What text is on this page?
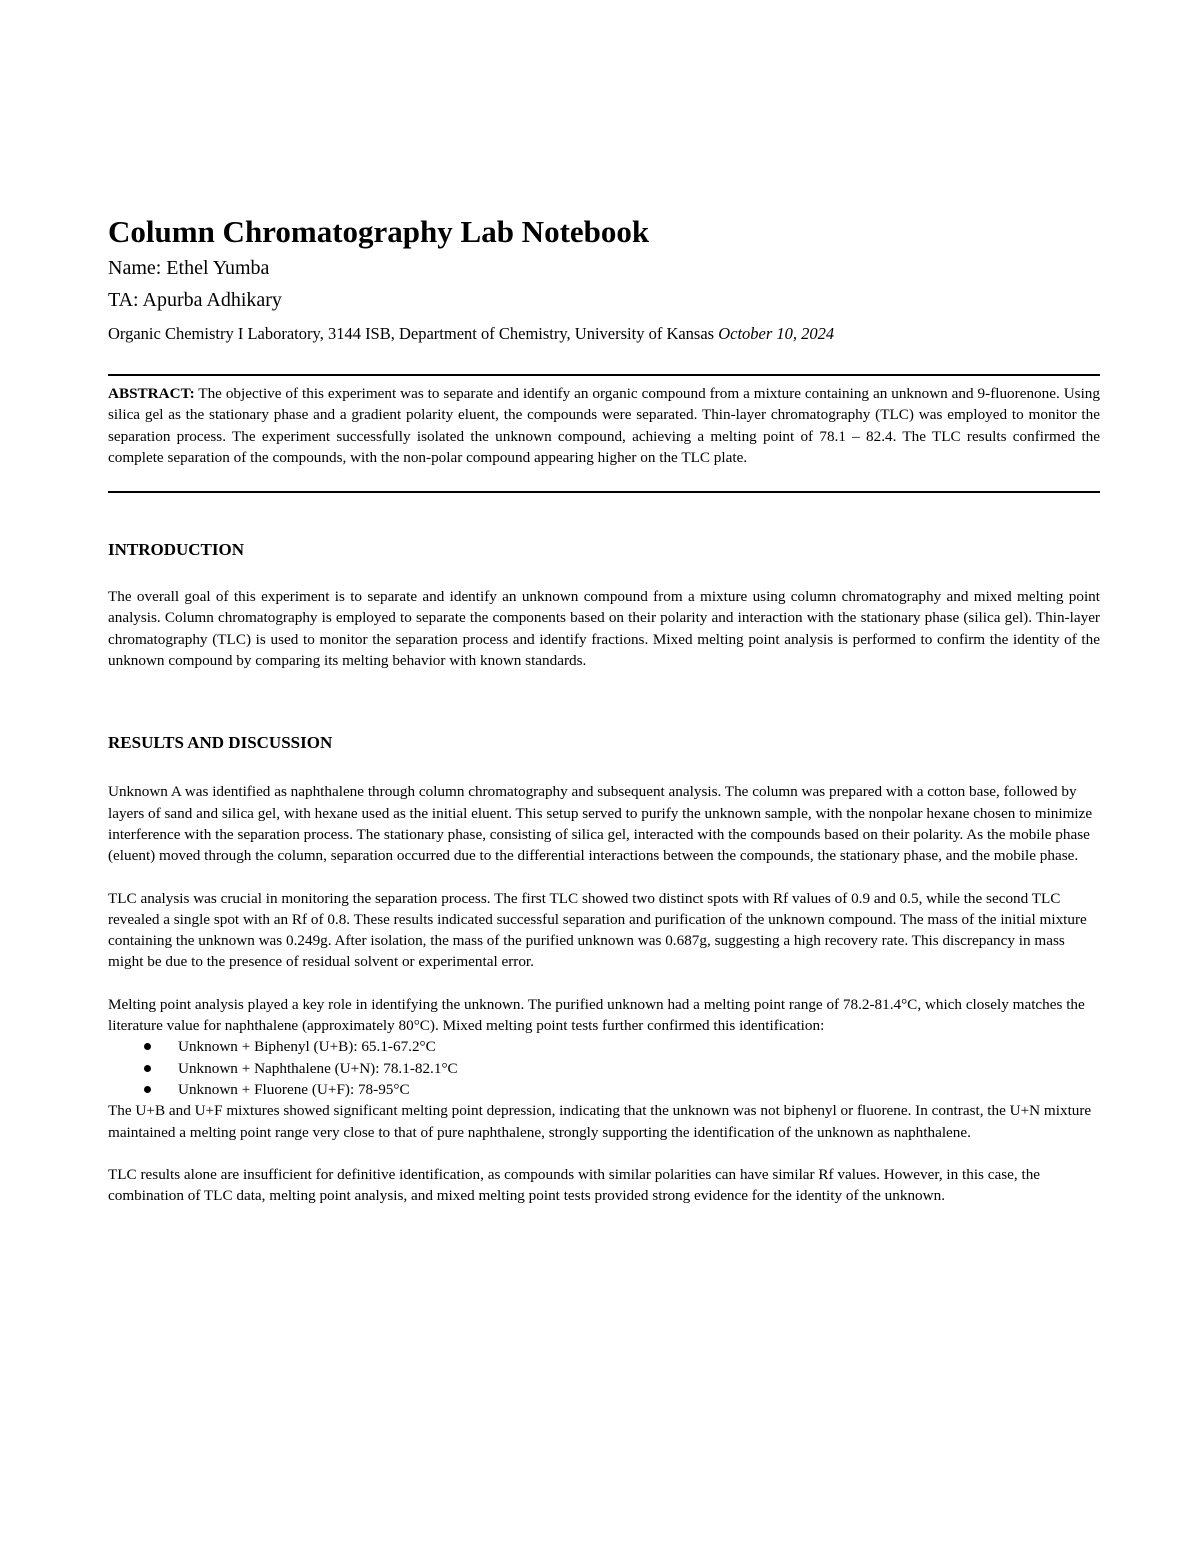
Column Chromatography Lab Notebook

Name: Ethel Yumba

TA: Apurba Adhikary

Organic Chemistry I Laboratory, 3144 ISB, Department of Chemistry, University of Kansas October 10, 2024

ABSTRACT: The objective of this experiment was to separate and identify an organic compound from a mixture containing an unknown and 9-fluorenone. Using silica gel as the stationary phase and a gradient polarity eluent, the compounds were separated. Thin-layer chromatography (TLC) was employed to monitor the separation process. The experiment successfully isolated the unknown compound, achieving a melting point of 78.1 – 82.4. The TLC results confirmed the complete separation of the compounds, with the non-polar compound appearing higher on the TLC plate.

INTRODUCTION

The overall goal of this experiment is to separate and identify an unknown compound from a mixture using column chromatography and mixed melting point analysis. Column chromatography is employed to separate the components based on their polarity and interaction with the stationary phase (silica gel). Thin-layer chromatography (TLC) is used to monitor the separation process and identify fractions. Mixed melting point analysis is performed to confirm the identity of the unknown compound by comparing its melting behavior with known standards.

RESULTS AND DISCUSSION

Unknown A was identified as naphthalene through column chromatography and subsequent analysis. The column was prepared with a cotton base, followed by layers of sand and silica gel, with hexane used as the initial eluent. This setup served to purify the unknown sample, with the nonpolar hexane chosen to minimize interference with the separation process. The stationary phase, consisting of silica gel, interacted with the compounds based on their polarity. As the mobile phase (eluent) moved through the column, separation occurred due to the differential interactions between the compounds, the stationary phase, and the mobile phase.

TLC analysis was crucial in monitoring the separation process. The first TLC showed two distinct spots with Rf values of 0.9 and 0.5, while the second TLC revealed a single spot with an Rf of 0.8. These results indicated successful separation and purification of the unknown compound. The mass of the initial mixture containing the unknown was 0.249g. After isolation, the mass of the purified unknown was 0.687g, suggesting a high recovery rate. This discrepancy in mass might be due to the presence of residual solvent or experimental error.

Melting point analysis played a key role in identifying the unknown. The purified unknown had a melting point range of 78.2-81.4°C, which closely matches the literature value for naphthalene (approximately 80°C). Mixed melting point tests further confirmed this identification:

Unknown + Biphenyl (U+B): 65.1-67.2°C
Unknown + Naphthalene (U+N): 78.1-82.1°C
Unknown + Fluorene (U+F): 78-95°C

The U+B and U+F mixtures showed significant melting point depression, indicating that the unknown was not biphenyl or fluorene. In contrast, the U+N mixture maintained a melting point range very close to that of pure naphthalene, strongly supporting the identification of the unknown as naphthalene.

TLC results alone are insufficient for definitive identification, as compounds with similar polarities can have similar Rf values. However, in this case, the combination of TLC data, melting point analysis, and mixed melting point tests provided strong evidence for the identity of the unknown.
